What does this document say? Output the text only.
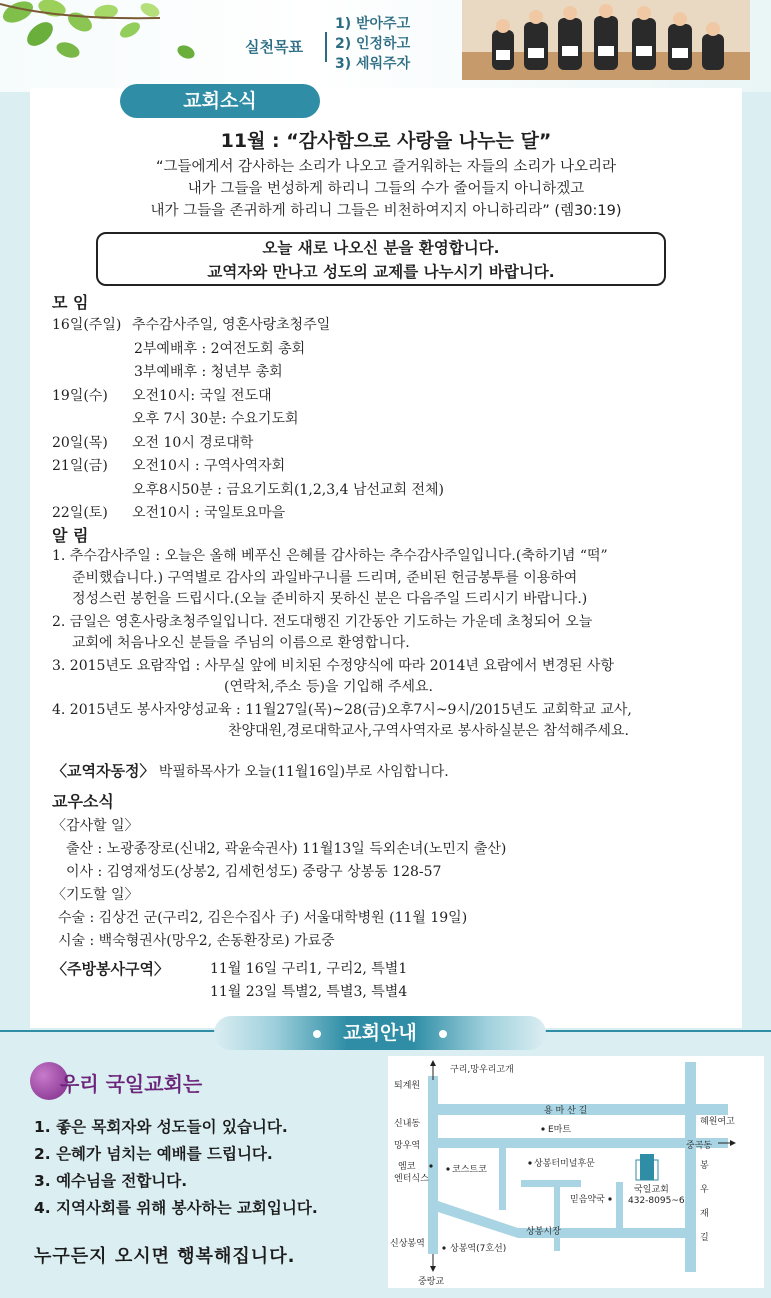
실천목표
1) 받아주고
2) 인정하고
3) 세워주자
교회소식
11월 : “감사함으로 사랑을 나누는 달”
“그들에게서 감사하는 소리가 나오고 즐거워하는 자들의 소리가 나오리라
내가 그들을 번성하게 하리니 그들의 수가 줄어들지 아니하겠고
내가 그들을 존귀하게 하리니 그들은 비천하여지지 아니하리라” (렘30:19)
오늘 새로 나오신 분을 환영합니다.
교역자와 만나고 성도의 교제를 나누시기 바랍니다.
모 임
16일(주일) 추수감사주일, 영혼사랑초청주일
2부예배후 : 2여전도회 총회
3부예배후 : 청년부 총회
19일(수) 오전10시: 국일 전도대
오후 7시 30분: 수요기도회
20일(목) 오전 10시 경로대학
21일(금) 오전10시 : 구역사역자회
오후8시50분 : 금요기도회(1,2,3,4 남선교회 전체)
22일(토) 오전10시 : 국일토요마을
알 림
1. 추수감사주일 : 오늘은 올해 베푸신 은혜를 감사하는 추수감사주일입니다.(축하기념 “떡”
준비했습니다.) 구역별로 감사의 과일바구니를 드리며, 준비된 헌금봉투를 이용하여
정성스런 봉헌을 드립시다.(오늘 준비하지 못하신 분은 다음주일 드리시기 바랍니다.)
2. 금일은 영혼사랑초청주일입니다. 전도대행진 기간동안 기도하는 가운데 초청되어 오늘
교회에 처음나오신 분들을 주님의 이름으로 환영합니다.
3. 2015년도 요람작업 : 사무실 앞에 비치된 수정양식에 따라 2014년 요람에서 변경된 사항
(연락처,주소 등)을 기입해 주세요.
4. 2015년도 봉사자양성교육 : 11월27일(목)~28(금)오후7시~9시/2015년도 교회학교 교사,
찬양대원,경로대학교사,구역사역자로 봉사하실분은 참석해주세요.
〈교역자동정〉 박필하목사가 오늘(11월16일)부로 사임합니다.
교우소식
〈감사할 일〉
출산 : 노광종장로(신내2, 곽윤숙권사) 11월13일 득외손녀(노민지 출산)
이사 : 김영재성도(상봉2, 김세헌성도) 중랑구 상봉동 128-57
〈기도할 일〉
수술 : 김상건 군(구리2, 김은수집사 子) 서울대학병원 (11월 19일)
시술 : 백숙형권사(망우2, 손동환장로) 가료중
〈주방봉사구역〉	11월 16일 구리1, 구리2, 특별1
11월 23일 특별2, 특별3, 특별4
교회안내
우리 국일교회는
1. 좋은 목회자와 성도들이 있습니다.
2. 은혜가 넘치는 예배를 드립니다.
3. 예수님을 전합니다.
4. 지역사회를 위해 봉사하는 교회입니다.
누구든지 오시면 행복해집니다.
구리,망우리고개
퇴계원
용 마 산 길
신내동
E마트
혜원여고
망우역	중곡동
엠코
엔터식스
코스트코
상봉터미널후문
국일교회
432-8095~6
믿음약국
봉
우
재
길
상봉시장
신상봉역	상봉역(7호선)
중랑교
